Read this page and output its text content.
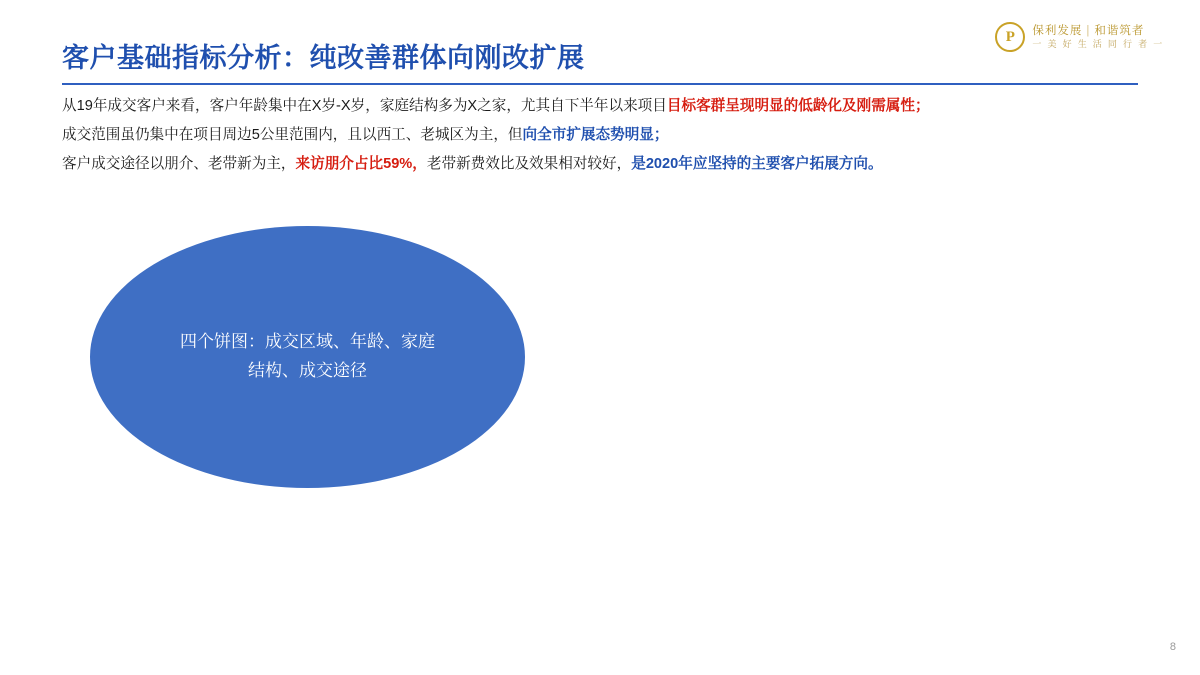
P	保利发展 | 和谐筑者
一 美 好 生 活 同 行 者 一
客户基础指标分析：纯改善群体向刚改扩展
从19年成交客户来看，客户年龄集中在X岁-X岁，家庭结构多为X之家，尤其自下半年以来项目目标客群呈现明显的低龄化及刚需属性；
成交范围虽仍集中在项目周边5公里范围内，且以西工、老城区为主，但向全市扩展态势明显；
客户成交途径以朋介、老带新为主，来访朋介占比59%，老带新费效比及效果相对较好，是2020年应坚持的主要客户拓展方向。
四个饼图：成交区域、年龄、家庭结构、成交途径
8
